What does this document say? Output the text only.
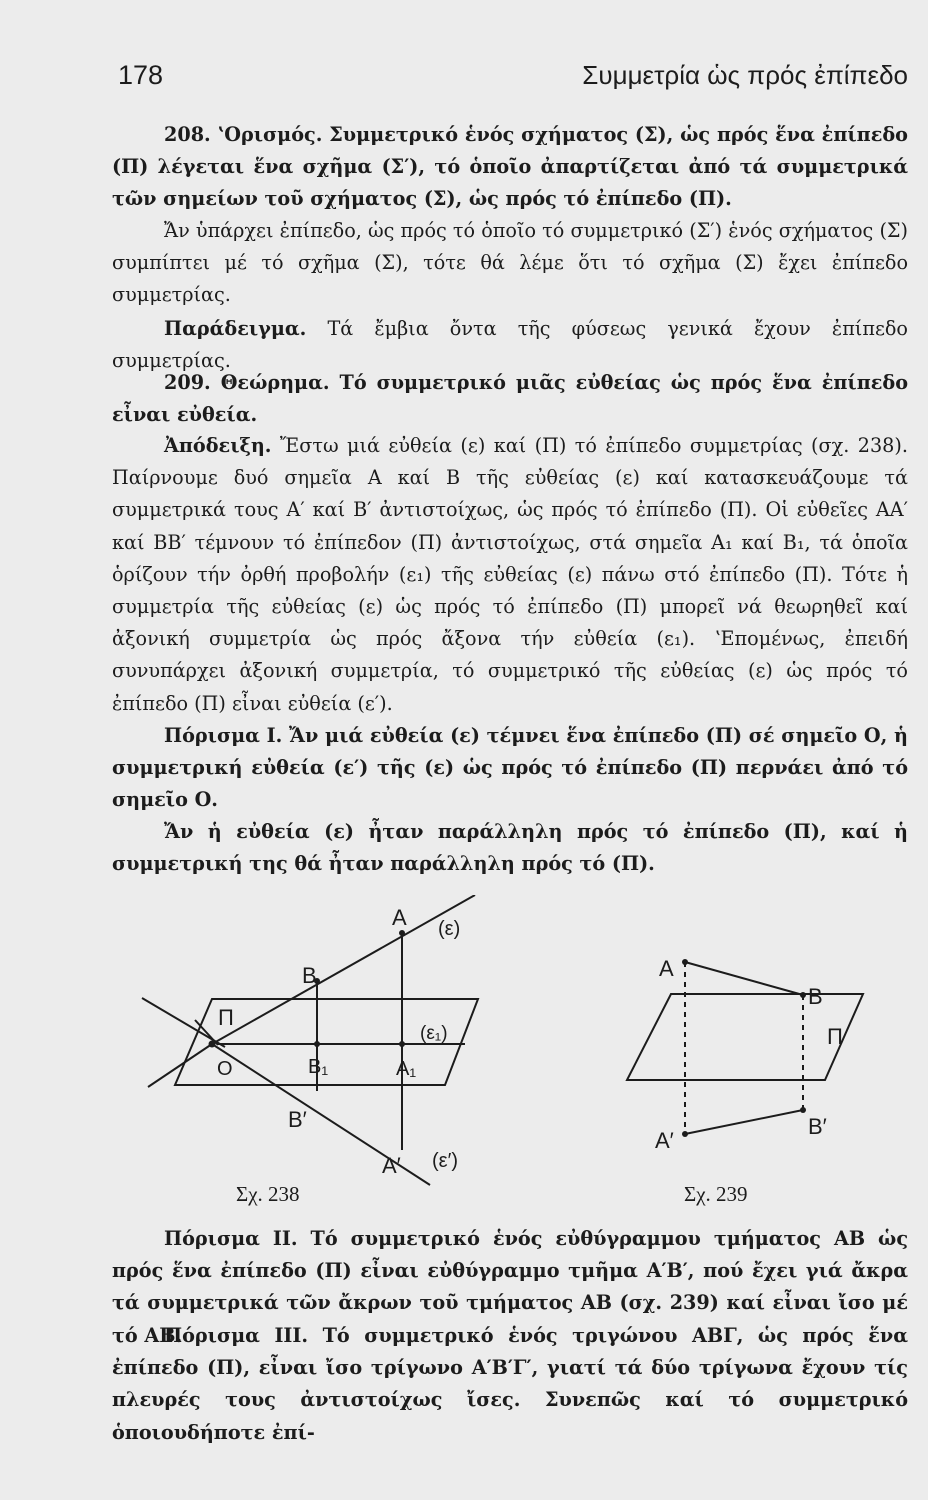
178	Συμμετρία ὡς πρός ἐπίπεδο

208. ʽΟρισμός. Συμμετρικό ἑνός σχήματος (Σ), ὡς πρός ἕνα ἐπίπεδο (Π) λέγεται ἕνα σχῆμα (Σ′), τό ὁποῖο ἀπαρτίζεται ἀπό τά συμμετρικά τῶν σημείων τοῦ σχήματος (Σ), ὡς πρός τό ἐπίπεδο (Π).

Ἄν ὑπάρχει ἐπίπεδο, ὡς πρός τό ὁποῖο τό συμμετρικό (Σ′) ἑνός σχήματος (Σ) συμπίπτει μέ τό σχῆμα (Σ), τότε θά λέμε ὅτι τό σχῆμα (Σ) ἔχει ἐπίπεδο συμμετρίας.

Παράδειγμα. Τά ἔμβια ὄντα τῆς φύσεως γενικά ἔχουν ἐπίπεδο συμμετρίας.

209. Θεώρημα. Τό συμμετρικό μιᾶς εὐθείας ὡς πρός ἕνα ἐπίπεδο εἶναι εὐθεία.

Ἀπόδειξη. Ἔστω μιά εὐθεία (ε) καί (Π) τό ἐπίπεδο συμμετρίας (σχ. 238). Παίρνουμε δυό σημεῖα Α καί Β τῆς εὐθείας (ε) καί κατασκευάζουμε τά συμμετρικά τους Α′ καί Β′ ἀντιστοίχως, ὡς πρός τό ἐπίπεδο (Π). Οἱ εὐθεῖες ΑΑ′ καί ΒΒ′ τέμνουν τό ἐπίπεδον (Π) ἀντιστοίχως, στά σημεῖα Α₁ καί Β₁, τά ὁποῖα ὁρίζουν τήν ὀρθή προβολήν (ε₁) τῆς εὐθείας (ε) πάνω στό ἐπίπεδο (Π). Τότε ἡ συμμετρία τῆς εὐθείας (ε) ὡς πρός τό ἐπίπεδο (Π) μπορεῖ νά θεωρηθεῖ καί ἀξονική συμμετρία ὡς πρός ἄξονα τήν εὐθεία (ε₁). ʽΕπομένως, ἐπειδή συνυπάρχει ἀξονική συμμετρία, τό συμμετρικό τῆς εὐθείας (ε) ὡς πρός τό ἐπίπεδο (Π) εἶναι εὐθεία (ε′).

Πόρισμα Ι. Ἄν μιά εὐθεία (ε) τέμνει ἕνα ἐπίπεδο (Π) σέ σημεῖο Ο, ἡ συμμετρική εὐθεία (ε′) τῆς (ε) ὡς πρός τό ἐπίπεδο (Π) περνάει ἀπό τό σημεῖο Ο.

Ἄν ἡ εὐθεία (ε) ἦταν παράλληλη πρός τό ἐπίπεδο (Π), καί ἡ συμμετρική της θά ἦταν παράλληλη πρός τό (Π).

A
B
Π
O	B₁	A₁
(ε)
(ε₁)
B′
A′ (ε′)
Σχ. 238
A
B
Π
A′
B′
Σχ. 239

Πόρισμα ΙΙ. Τό συμμετρικό ἑνός εὐθύγραμμου τμήματος ΑΒ ὡς πρός ἕνα ἐπίπεδο (Π) εἶναι εὐθύγραμμο τμῆμα Α′Β′, πού ἔχει γιά ἄκρα τά συμμετρικά τῶν ἄκρων τοῦ τμήματος ΑΒ (σχ. 239) καί εἶναι ἴσο μέ τό ΑΒ.

Πόρισμα ΙΙΙ. Τό συμμετρικό ἑνός τριγώνου ΑΒΓ, ὡς πρός ἕνα ἐπίπεδο (Π), εἶναι ἴσο τρίγωνο Α′Β′Γ′, γιατί τά δύο τρίγωνα ἔχουν τίς πλευρές τους ἀντιστοίχως ἴσες. Συνεπῶς καί τό συμμετρικό ὁποιουδήποτε ἐπί-
